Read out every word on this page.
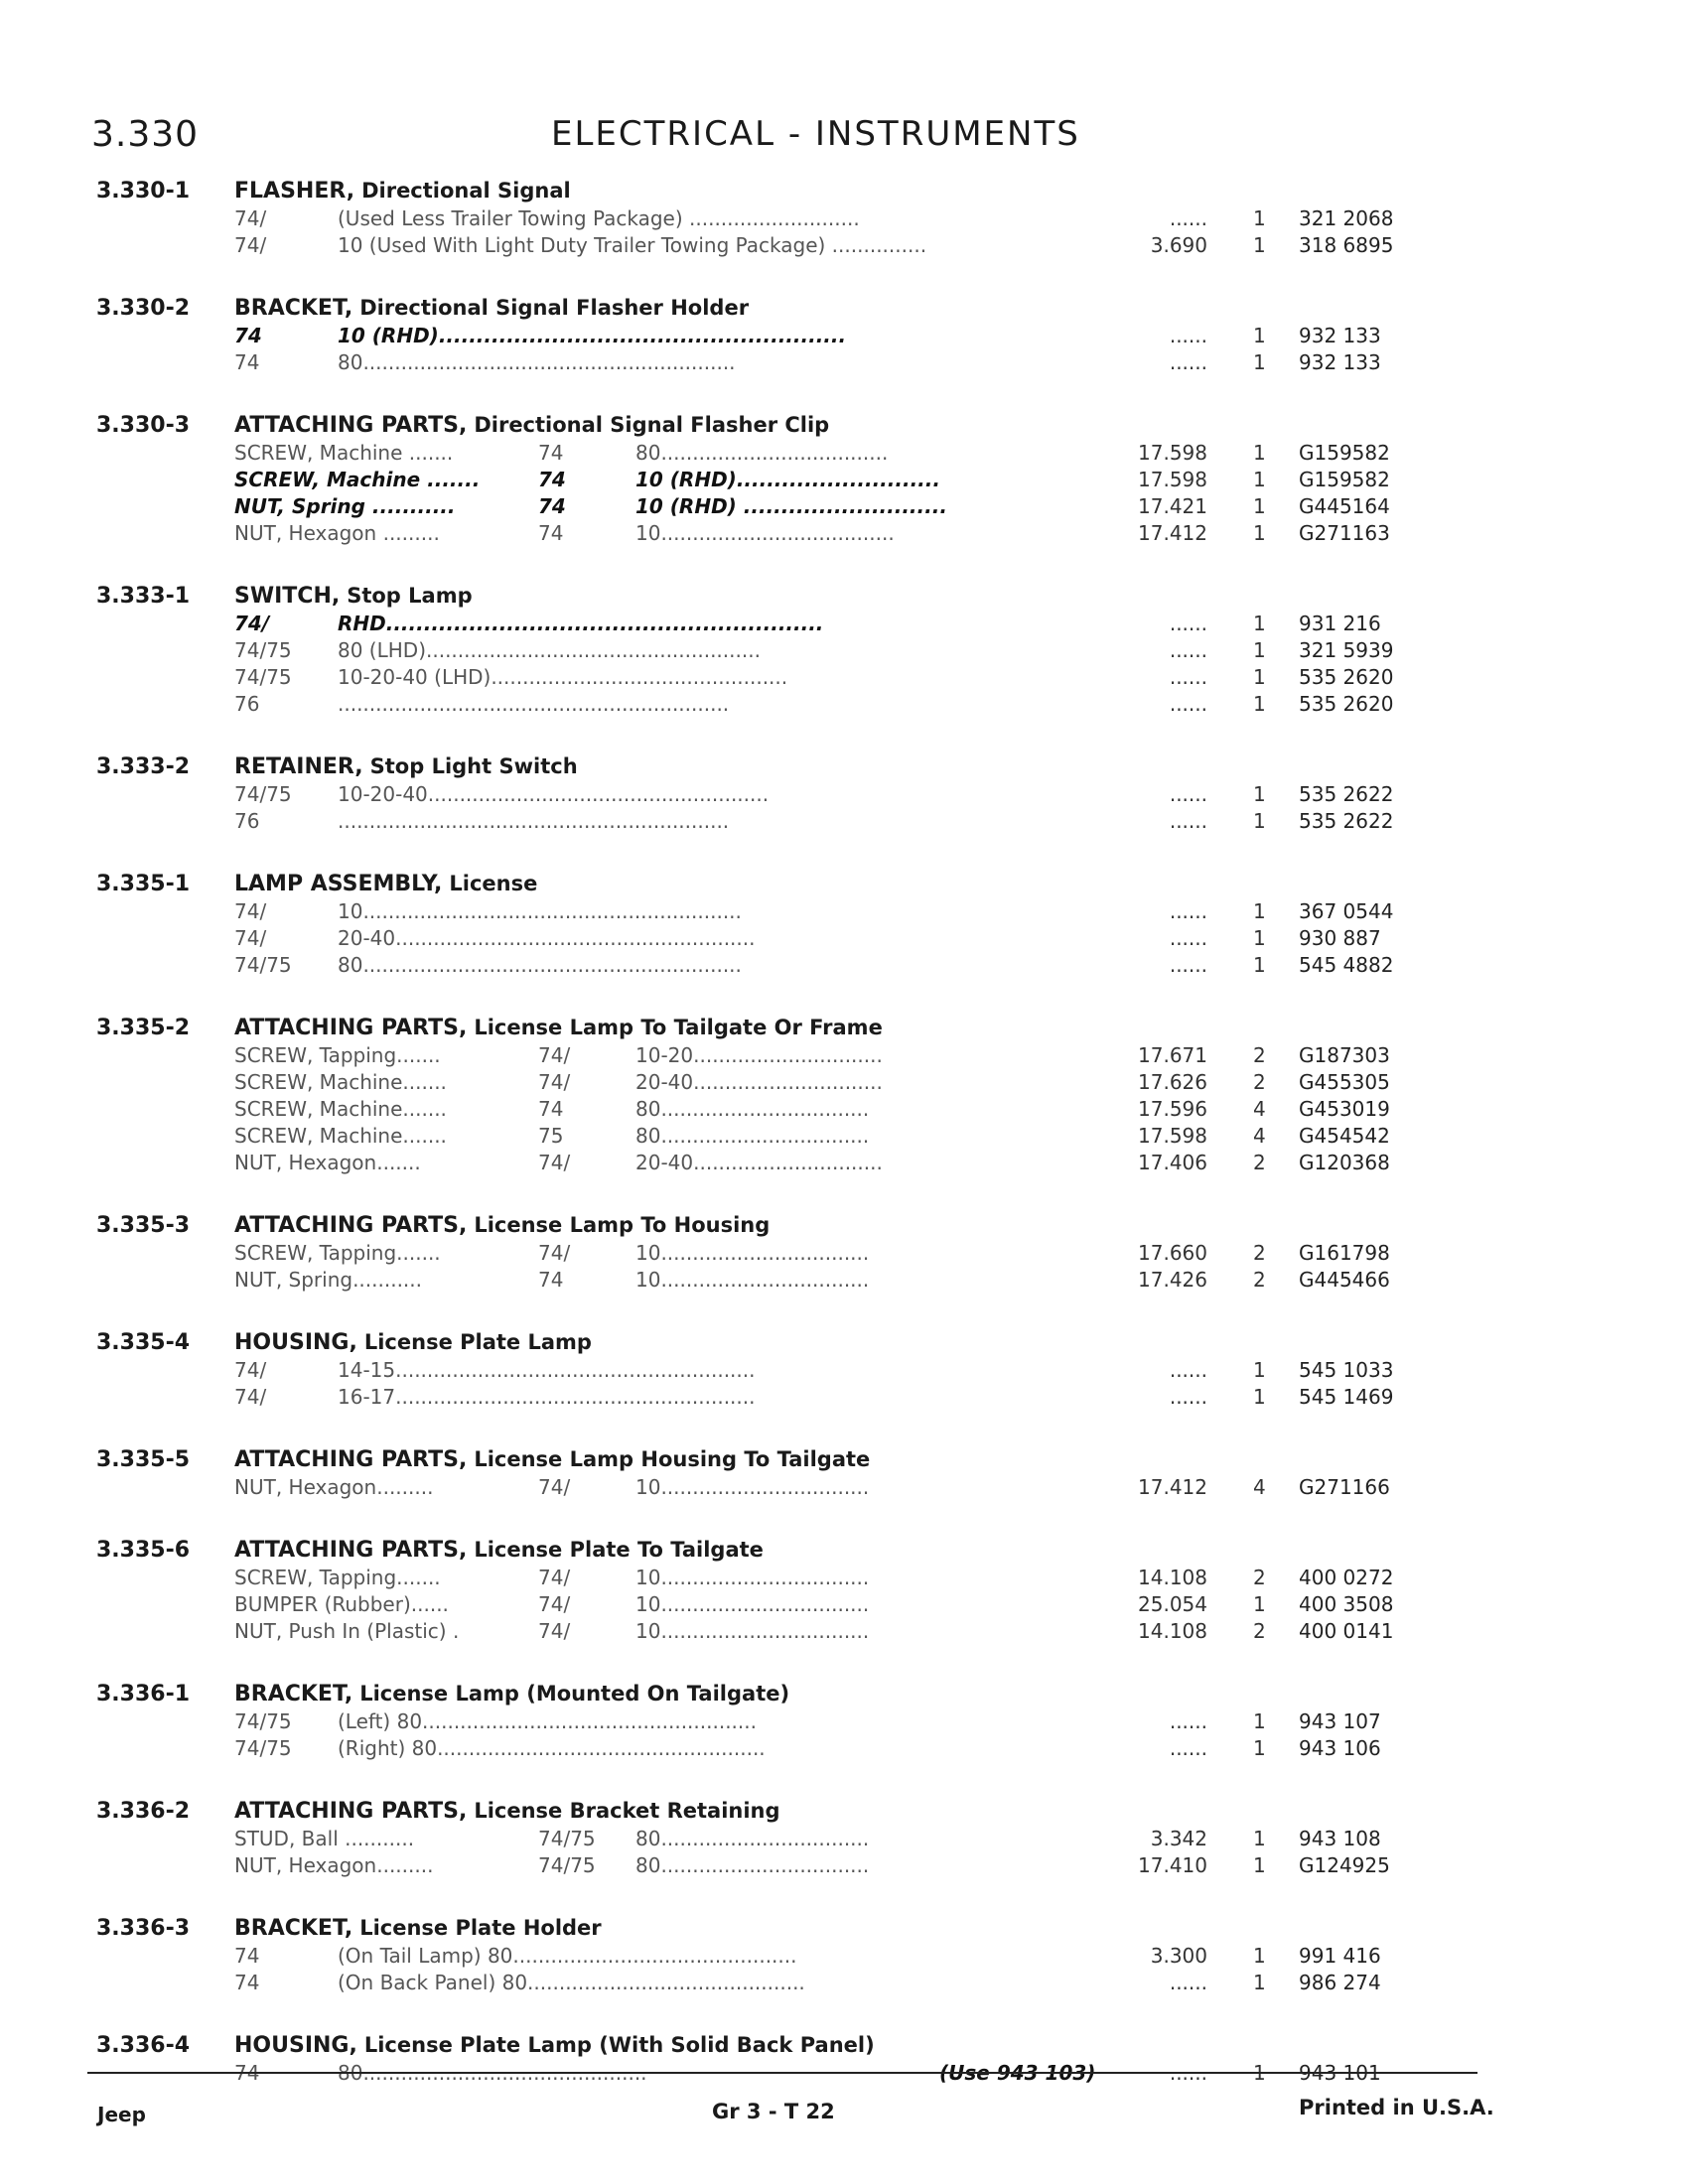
3.330	ELECTRICAL - INSTRUMENTS
3.330-1 FLASHER, Directional Signal
74/	(Used Less Trailer Towing Package) ...........................	...... 1 321 2068
74/	10 (Used With Light Duty Trailer Towing Package) ...............	3.690 1 318 6895
3.330-2 BRACKET, Directional Signal Flasher Holder
74	10 (RHD)......................................................	...... 1 932 133
74	80...........................................................	...... 1 932 133
3.330-3 ATTACHING PARTS, Directional Signal Flasher Clip
SCREW, Machine .......	74	80....................................	17.598 1 G159582
SCREW, Machine .......	74	10 (RHD)...........................	17.598 1 G159582
NUT, Spring ...........	74	10 (RHD) ...........................	17.421 1 G445164
NUT, Hexagon .........	74	10.....................................	17.412 1 G271163
3.333-1 SWITCH, Stop Lamp
74/	RHD..........................................................	...... 1 931 216
74/75 80 (LHD).....................................................	...... 1 321 5939
74/75 10-20-40 (LHD)...............................................	...... 1 535 2620
76	..............................................................	...... 1 535 2620
3.333-2 RETAINER, Stop Light Switch
74/75 10-20-40......................................................	...... 1 535 2622
76	..............................................................	...... 1 535 2622
3.335-1 LAMP ASSEMBLY, License
74/	10............................................................	...... 1 367 0544
74/	20-40.........................................................	...... 1 930 887
74/75 80............................................................	...... 1 545 4882
3.335-2 ATTACHING PARTS, License Lamp To Tailgate Or Frame
SCREW, Tapping.......	74/	10-20..............................	17.671 2 G187303
SCREW, Machine.......	74/	20-40..............................	17.626 2 G455305
SCREW, Machine.......	74	80.................................	17.596 4 G453019
SCREW, Machine.......	75	80.................................	17.598 4 G454542
NUT, Hexagon.......	74/	20-40..............................	17.406 2 G120368
3.335-3 ATTACHING PARTS, License Lamp To Housing
SCREW, Tapping.......	74/	10.................................	17.660 2 G161798
NUT, Spring...........	74	10.................................	17.426 2 G445466
3.335-4 HOUSING, License Plate Lamp
74/	14-15.........................................................	...... 1 545 1033
74/	16-17.........................................................	...... 1 545 1469
3.335-5 ATTACHING PARTS, License Lamp Housing To Tailgate
NUT, Hexagon.........	74/	10.................................	17.412 4 G271166
3.335-6 ATTACHING PARTS, License Plate To Tailgate
SCREW, Tapping.......	74/	10.................................	14.108 2 400 0272
BUMPER (Rubber)......	74/	10.................................	25.054 1 400 3508
NUT, Push In (Plastic) .	74/	10.................................	14.108 2 400 0141
3.336-1 BRACKET, License Lamp (Mounted On Tailgate)
74/75 (Left) 80.....................................................	...... 1 943 107
74/75 (Right) 80....................................................	...... 1 943 106
3.336-2 ATTACHING PARTS, License Bracket Retaining
STUD, Ball ...........	74/75 80.................................	3.342 1 943 108
NUT, Hexagon.........	74/75 80.................................	17.410 1 G124925
3.336-3 BRACKET, License Plate Holder
74	(On Tail Lamp) 80.............................................	3.300 1 991 416
74	(On Back Panel) 80............................................	...... 1 986 274
3.336-4 HOUSING, License Plate Lamp (With Solid Back Panel)
74	80.............................................	(Use 943 103)	...... 1 943 101
Jeep	Gr 3 - T 22	Printed in U.S.A.
